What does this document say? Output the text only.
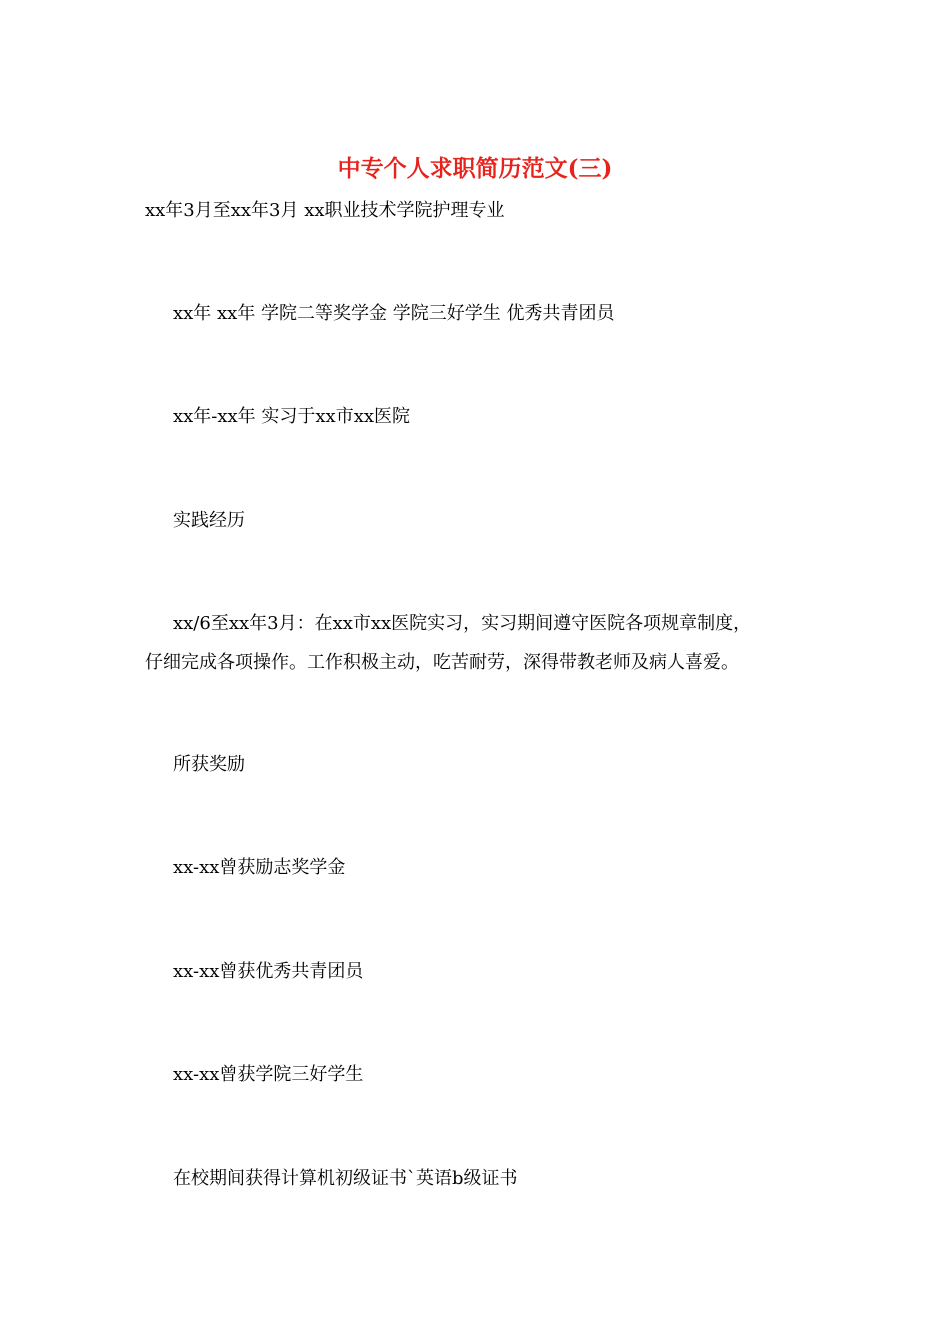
中专个人求职简历范文(三)
xx年3月至xx年3月 xx职业技术学院护理专业
xx年 xx年 学院二等奖学金 学院三好学生 优秀共青团员
xx年-xx年 实习于xx市xx医院
实践经历
xx/6至xx年3月：在xx市xx医院实习，实习期间遵守医院各项规章制度，
仔细完成各项操作。工作积极主动，吃苦耐劳，深得带教老师及病人喜爱。
所获奖励
xx-xx曾获励志奖学金
xx-xx曾获优秀共青团员
xx-xx曾获学院三好学生
在校期间获得计算机初级证书`英语b级证书
